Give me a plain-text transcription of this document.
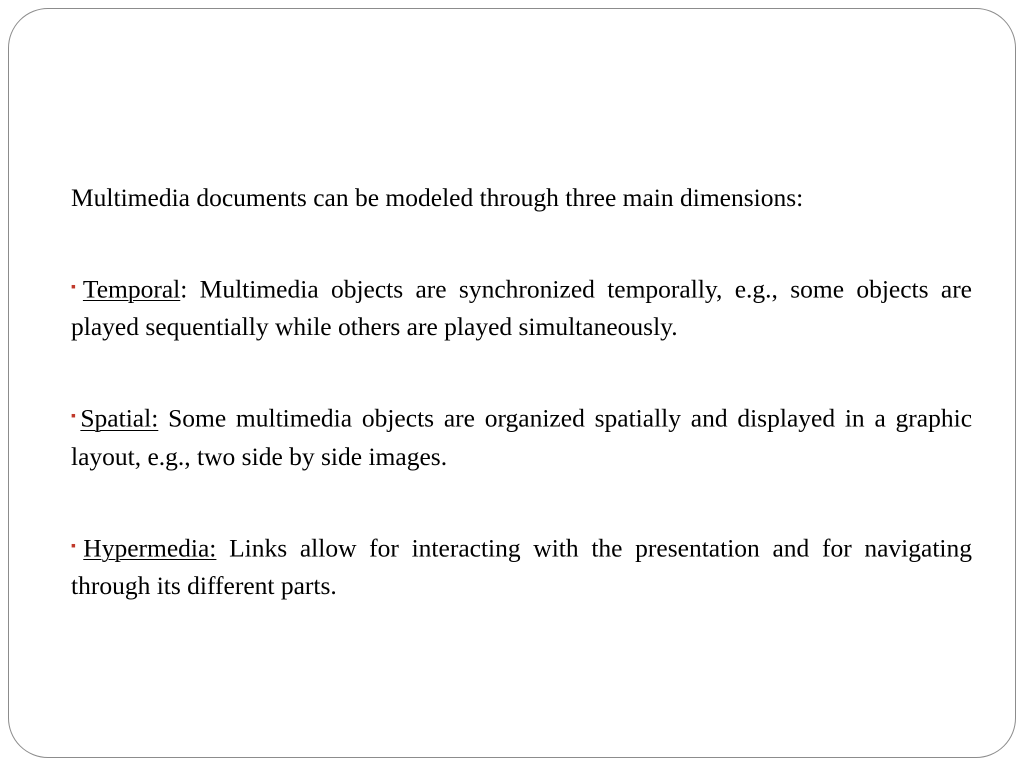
Multimedia documents can be modeled through three main dimensions:

▪Temporal: Multimedia objects are synchronized temporally, e.g., some objects are played sequentially while others are played simultaneously.

▪Spatial: Some multimedia objects are organized spatially and displayed in a graphic layout, e.g., two side by side images.

▪Hypermedia: Links allow for interacting with the presentation and for navigating through its different parts.
